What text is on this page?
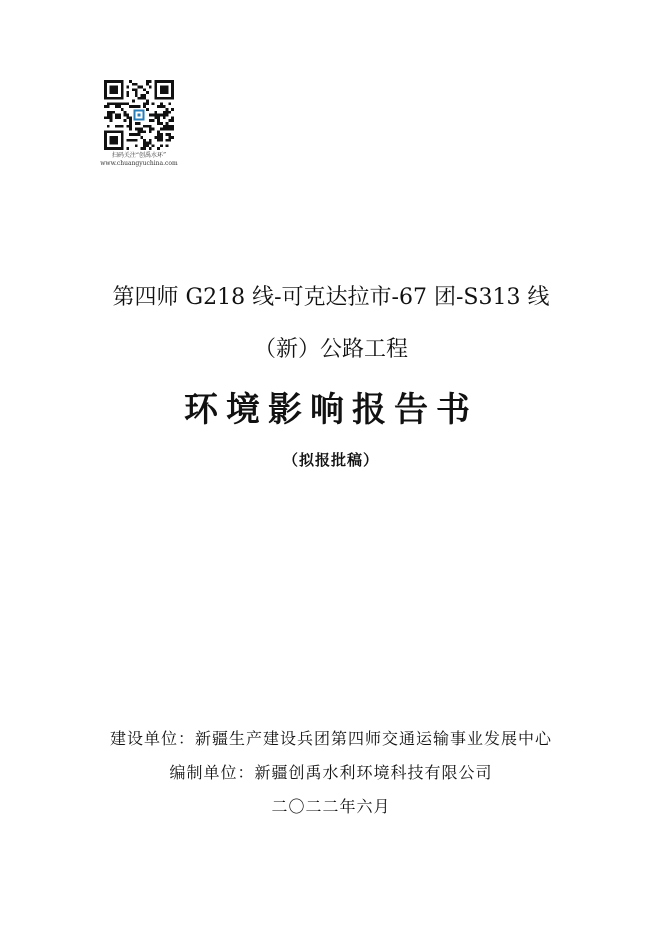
扫码关注“创禹水环”
www.chuangyuchina.com
第四师 G218 线-可克达拉市-67 团-S313 线
（新）公路工程
环境影响报告书
（拟报批稿）
建设单位：新疆生产建设兵团第四师交通运输事业发展中心
编制单位：新疆创禹水利环境科技有限公司
二〇二二年六月
